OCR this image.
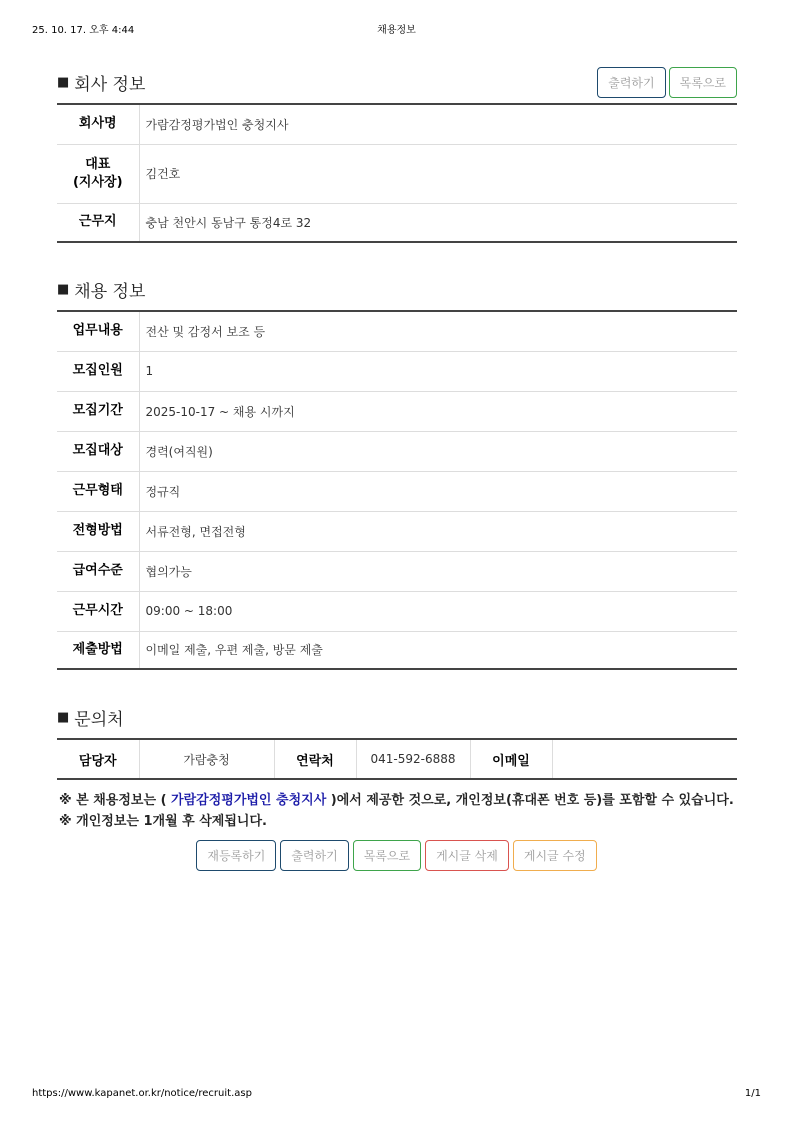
25. 10. 17. 오후 4:44	채용정보
■ 회사 정보	출력하기	목록으로
회사명	가람감정평가법인 충청지사
대표
(지사장)	김건호
근무지	충남 천안시 동남구 통정4로 32
■ 채용 정보
업무내용	전산 및 감정서 보조 등
모집인원	1
모집기간	2025-10-17 ~ 채용 시까지
모집대상	경력(여직원)
근무형태	정규직
전형방법	서류전형, 면접전형
급여수준	협의가능
근무시간	09:00 ~ 18:00
제출방법	이메일 제출, 우편 제출, 방문 제출
■ 문의처
담당자	가람충청	연락처	041-592-6888	이메일	
※ 본 채용정보는 ( 가람감정평가법인 충청지사 )에서 제공한 것으로, 개인정보(휴대폰 번호 등)를 포함할 수 있습니다.
※ 개인정보는 1개월 후 삭제됩니다.
재등록하기	출력하기	목록으로	게시글 삭제	게시글 수정
https://www.kapanet.or.kr/notice/recruit.asp	1/1
